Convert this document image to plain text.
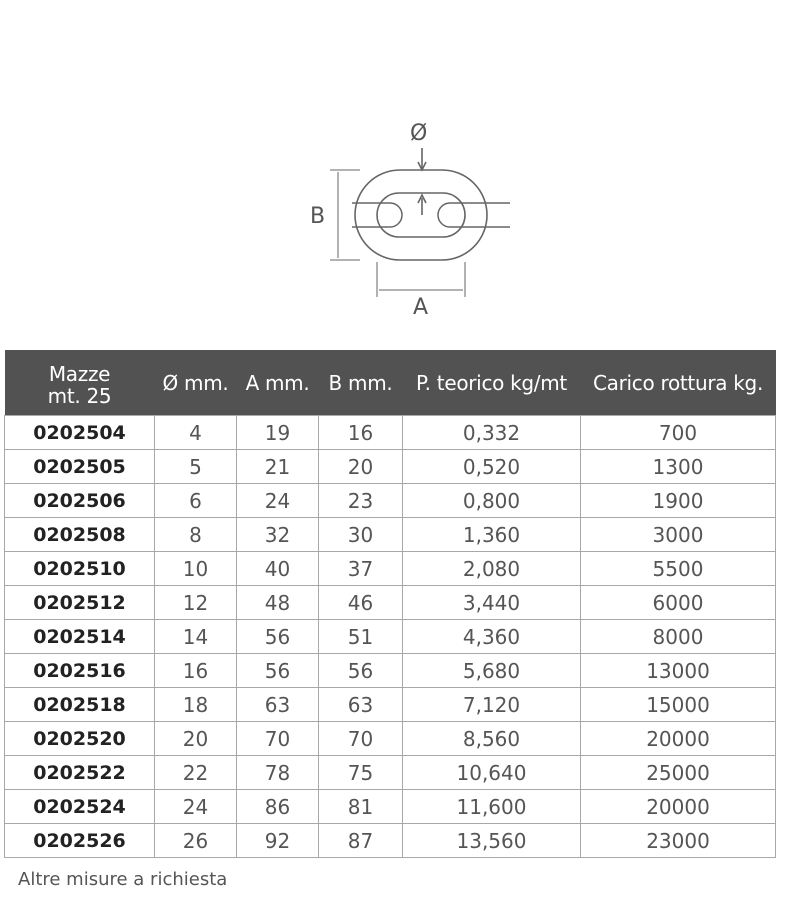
Ø
B
A
Mazze
mt. 25	Ø mm.	A mm.	B mm.	P. teorico kg/mt	Carico rottura kg.
0202504	4	19	16	0,332	700
0202505	5	21	20	0,520	1300
0202506	6	24	23	0,800	1900
0202508	8	32	30	1,360	3000
0202510	10	40	37	2,080	5500
0202512	12	48	46	3,440	6000
0202514	14	56	51	4,360	8000
0202516	16	56	56	5,680	13000
0202518	18	63	63	7,120	15000
0202520	20	70	70	8,560	20000
0202522	22	78	75	10,640	25000
0202524	24	86	81	11,600	20000
0202526	26	92	87	13,560	23000
Altre misure a richiesta
